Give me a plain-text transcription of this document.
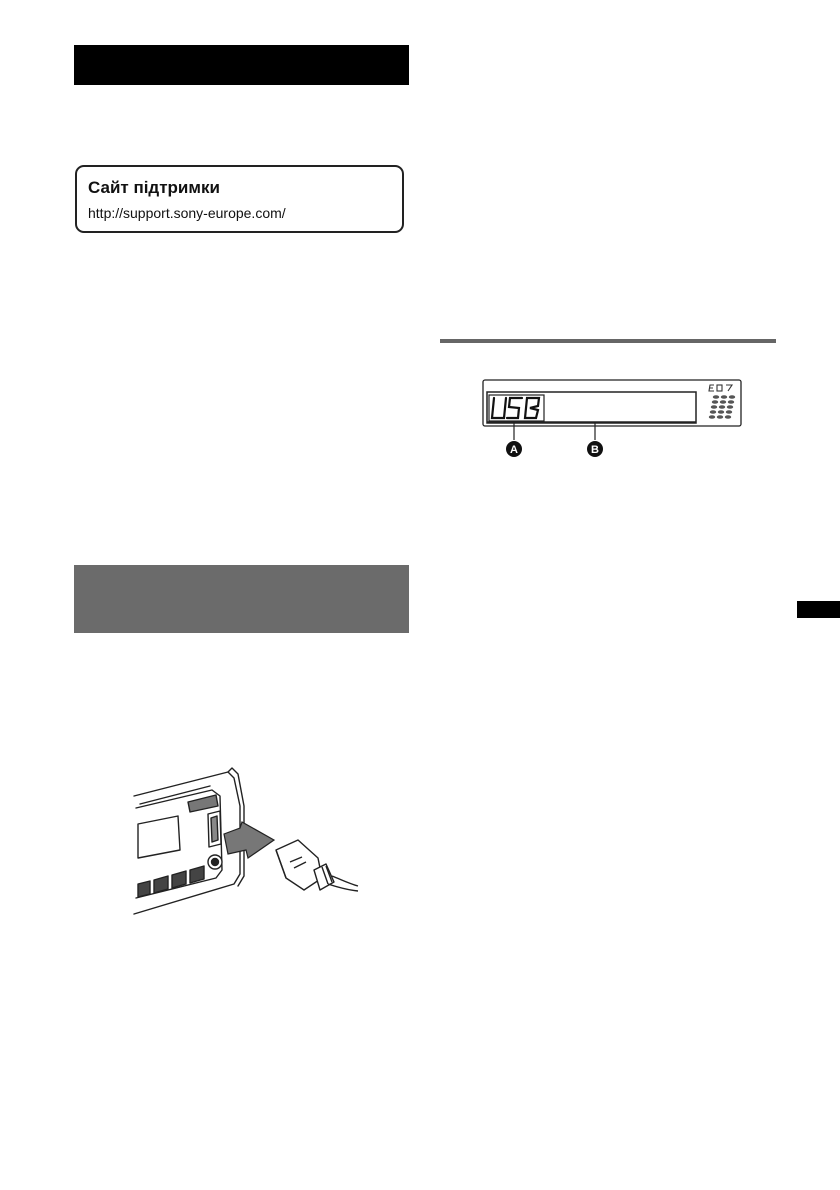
Сайт підтримки
http://support.sony-europe.com/
A	B
